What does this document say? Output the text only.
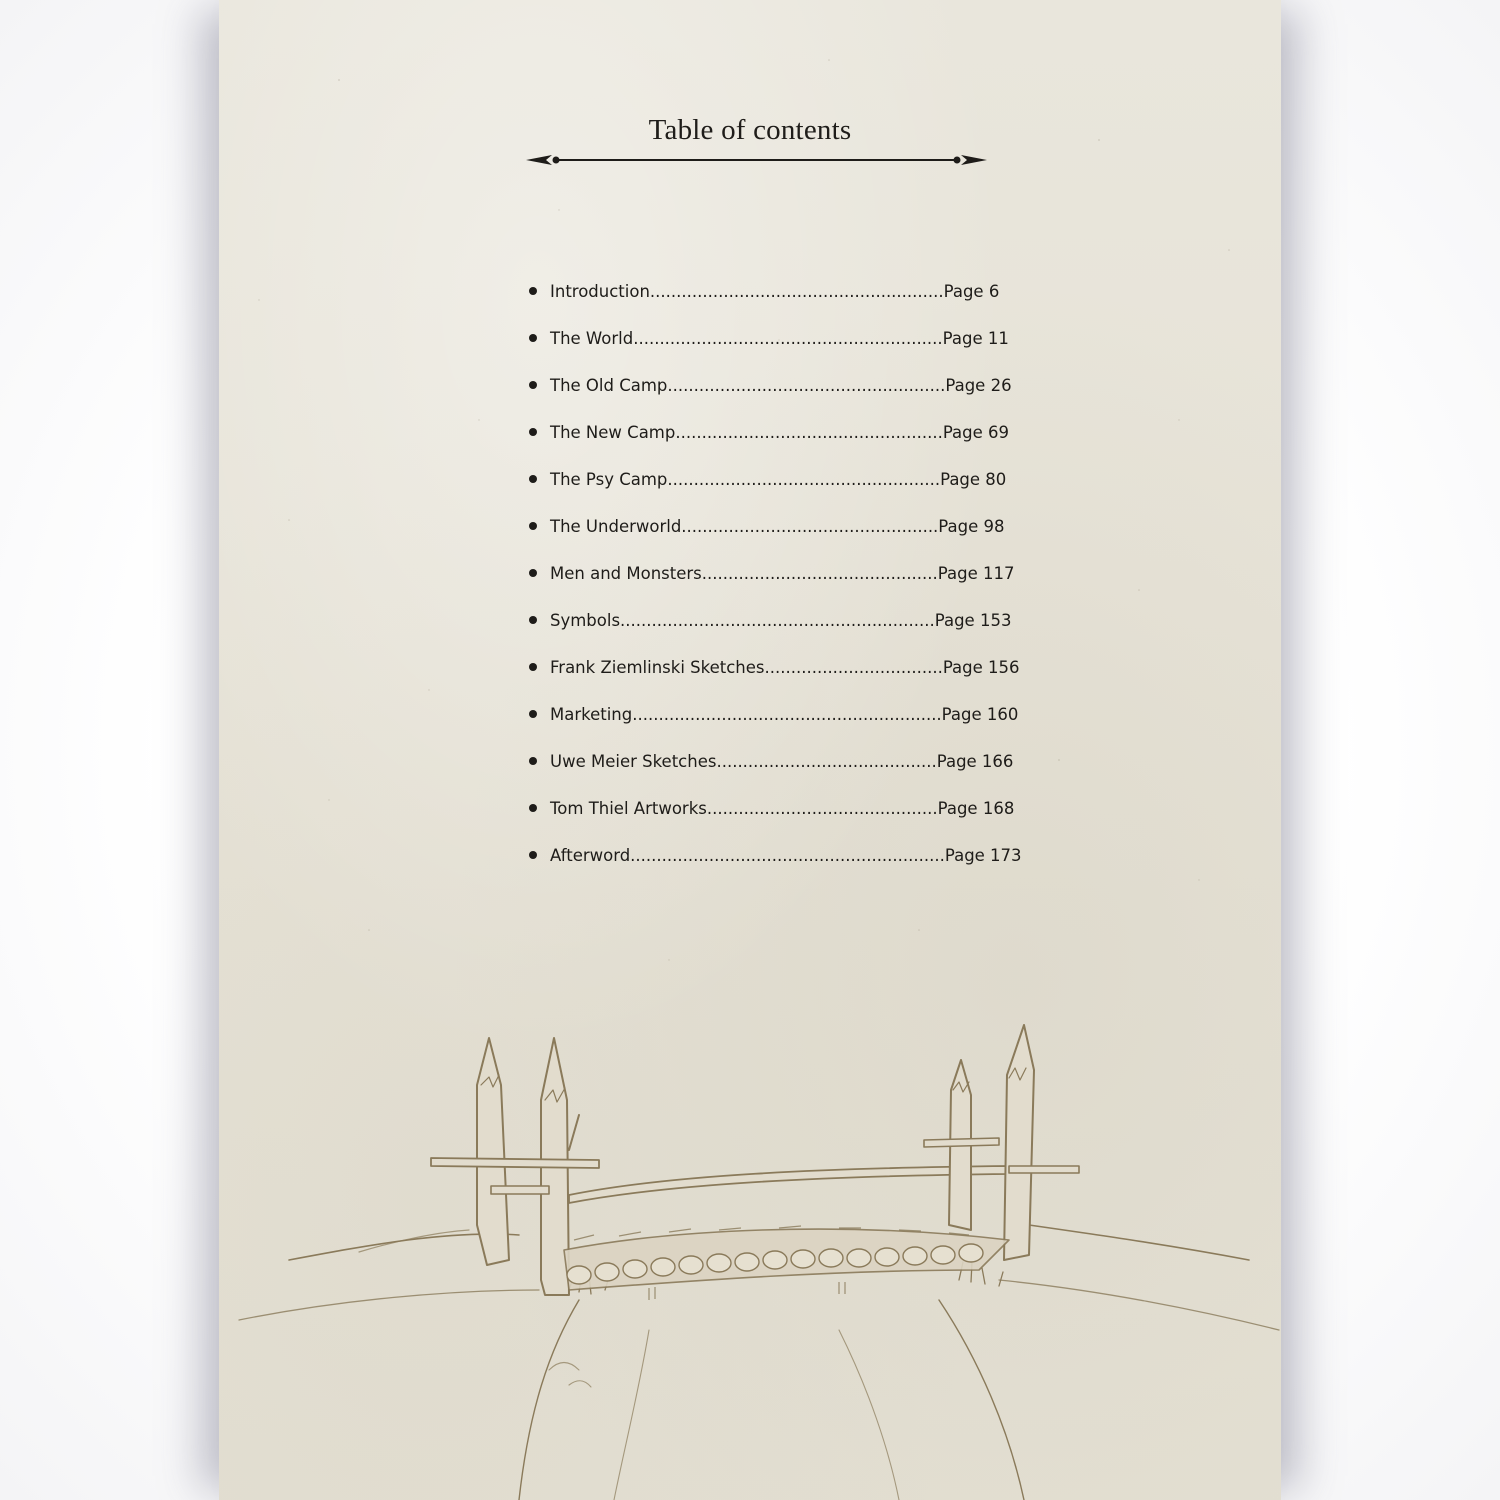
Table of contents
Introduction........................................................Page 6
The World...........................................................Page 11
The Old Camp.....................................................Page 26
The New Camp...................................................Page 69
The Psy Camp....................................................Page 80
The Underworld.................................................Page 98
Men and Monsters.............................................Page 117
Symbols............................................................Page 153
Frank Ziemlinski Sketches..................................Page 156
Marketing...........................................................Page 160
Uwe Meier Sketches..........................................Page 166
Tom Thiel Artworks............................................Page 168
Afterword............................................................Page 173
